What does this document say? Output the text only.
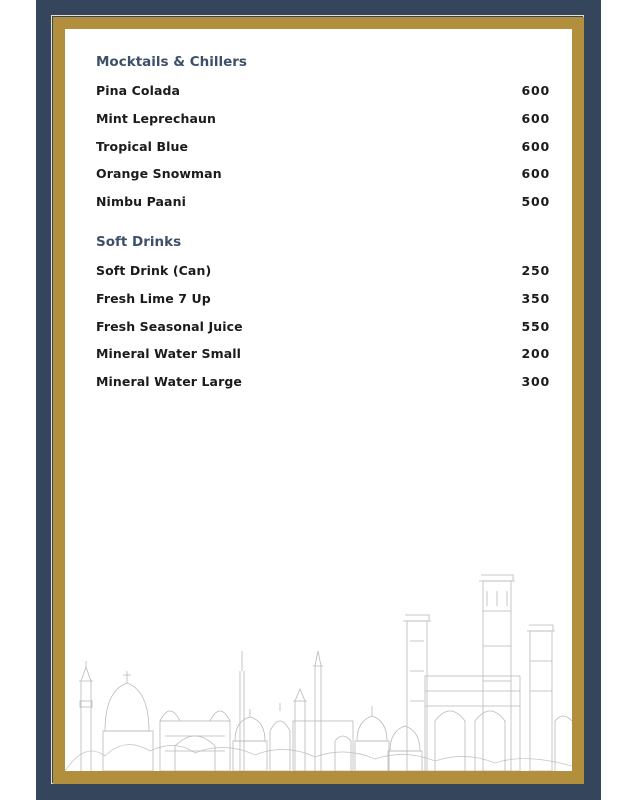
Mocktails & Chillers
Pina Colada	600
Mint Leprechaun	600
Tropical Blue	600
Orange Snowman	600
Nimbu Paani	500
Soft Drinks
Soft Drink (Can)	250
Fresh Lime 7 Up	350
Fresh Seasonal Juice	550
Mineral Water Small	200
Mineral Water Large	300
